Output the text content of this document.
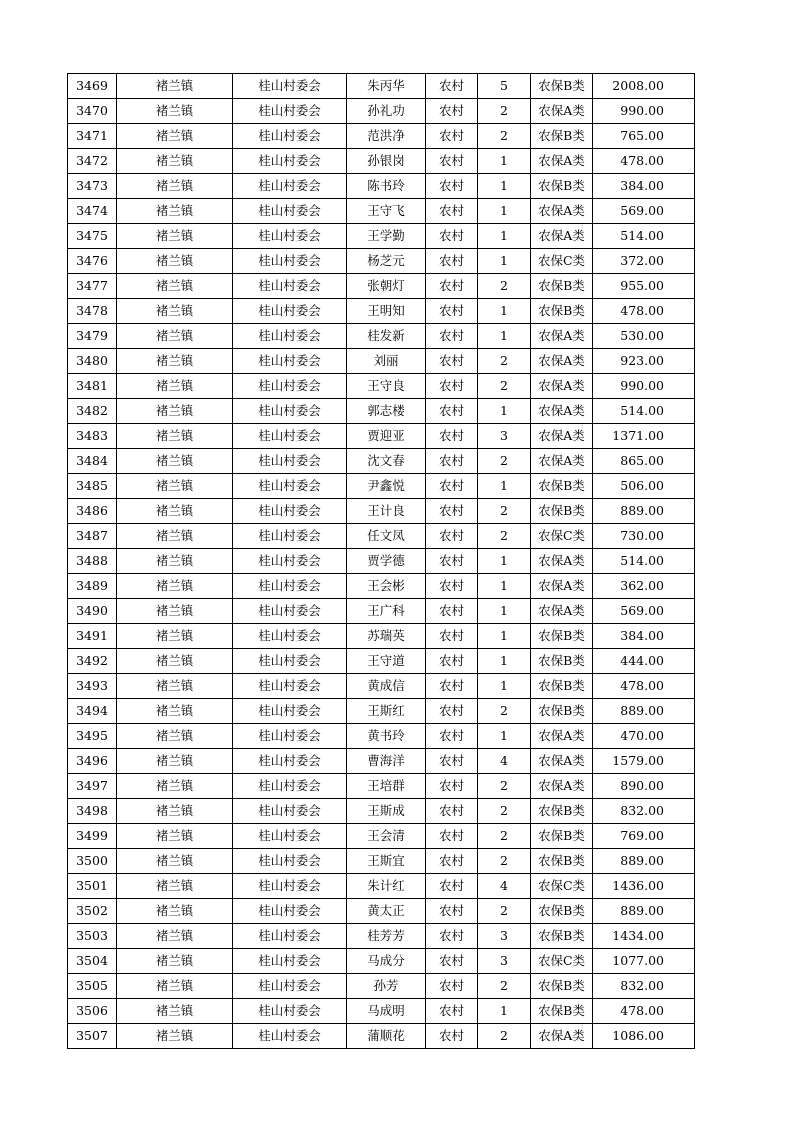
3469	褚兰镇	桂山村委会	朱丙华	农村	5	农保B类	2008.00
3470	褚兰镇	桂山村委会	孙礼功	农村	2	农保A类	990.00
3471	褚兰镇	桂山村委会	范洪净	农村	2	农保B类	765.00
3472	褚兰镇	桂山村委会	孙银岗	农村	1	农保A类	478.00
3473	褚兰镇	桂山村委会	陈书玲	农村	1	农保B类	384.00
3474	褚兰镇	桂山村委会	王守飞	农村	1	农保A类	569.00
3475	褚兰镇	桂山村委会	王学勤	农村	1	农保A类	514.00
3476	褚兰镇	桂山村委会	杨芝元	农村	1	农保C类	372.00
3477	褚兰镇	桂山村委会	张朝灯	农村	2	农保B类	955.00
3478	褚兰镇	桂山村委会	王明知	农村	1	农保B类	478.00
3479	褚兰镇	桂山村委会	桂发新	农村	1	农保A类	530.00
3480	褚兰镇	桂山村委会	刘丽	农村	2	农保A类	923.00
3481	褚兰镇	桂山村委会	王守良	农村	2	农保A类	990.00
3482	褚兰镇	桂山村委会	郭志楼	农村	1	农保A类	514.00
3483	褚兰镇	桂山村委会	贾迎亚	农村	3	农保A类	1371.00
3484	褚兰镇	桂山村委会	沈文春	农村	2	农保A类	865.00
3485	褚兰镇	桂山村委会	尹鑫悦	农村	1	农保B类	506.00
3486	褚兰镇	桂山村委会	王计良	农村	2	农保B类	889.00
3487	褚兰镇	桂山村委会	任文凤	农村	2	农保C类	730.00
3488	褚兰镇	桂山村委会	贾学德	农村	1	农保A类	514.00
3489	褚兰镇	桂山村委会	王会彬	农村	1	农保A类	362.00
3490	褚兰镇	桂山村委会	王广科	农村	1	农保A类	569.00
3491	褚兰镇	桂山村委会	苏瑞英	农村	1	农保B类	384.00
3492	褚兰镇	桂山村委会	王守道	农村	1	农保B类	444.00
3493	褚兰镇	桂山村委会	黄成信	农村	1	农保B类	478.00
3494	褚兰镇	桂山村委会	王斯红	农村	2	农保B类	889.00
3495	褚兰镇	桂山村委会	黄书玲	农村	1	农保A类	470.00
3496	褚兰镇	桂山村委会	曹海洋	农村	4	农保A类	1579.00
3497	褚兰镇	桂山村委会	王培群	农村	2	农保A类	890.00
3498	褚兰镇	桂山村委会	王斯成	农村	2	农保B类	832.00
3499	褚兰镇	桂山村委会	王会清	农村	2	农保B类	769.00
3500	褚兰镇	桂山村委会	王斯宜	农村	2	农保B类	889.00
3501	褚兰镇	桂山村委会	朱计红	农村	4	农保C类	1436.00
3502	褚兰镇	桂山村委会	黄太正	农村	2	农保B类	889.00
3503	褚兰镇	桂山村委会	桂芳芳	农村	3	农保B类	1434.00
3504	褚兰镇	桂山村委会	马成分	农村	3	农保C类	1077.00
3505	褚兰镇	桂山村委会	孙芳	农村	2	农保B类	832.00
3506	褚兰镇	桂山村委会	马成明	农村	1	农保B类	478.00
3507	褚兰镇	桂山村委会	蒲顺花	农村	2	农保A类	1086.00
